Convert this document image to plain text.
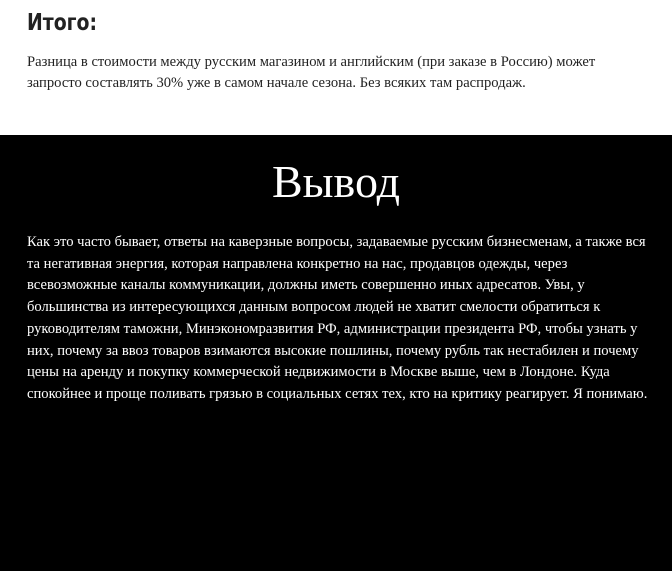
Итого:

Разница в стоимости между русским магазином и английским (при заказе в Россию) может запросто составлять 30% уже в самом начале сезона. Без всяких там распродаж.

Вывод

Как это часто бывает, ответы на каверзные вопросы, задаваемые русским бизнесменам, а также вся та негативная энергия, которая направлена конкретно на нас, продавцов одежды, через всевозможные каналы коммуникации, должны иметь совершенно иных адресатов. Увы, у большинства из интересующихся данным вопросом людей не хватит смелости обратиться к руководителям таможни, Минэкономразвития РФ, администрации президента РФ, чтобы узнать у них, почему за ввоз товаров взимаются высокие пошлины, почему рубль так нестабилен и почему цены на аренду и покупку коммерческой недвижимости в Москве выше, чем в Лондоне. Куда спокойнее и проще поливать грязью в социальных сетях тех, кто на критику реагирует. Я понимаю.
